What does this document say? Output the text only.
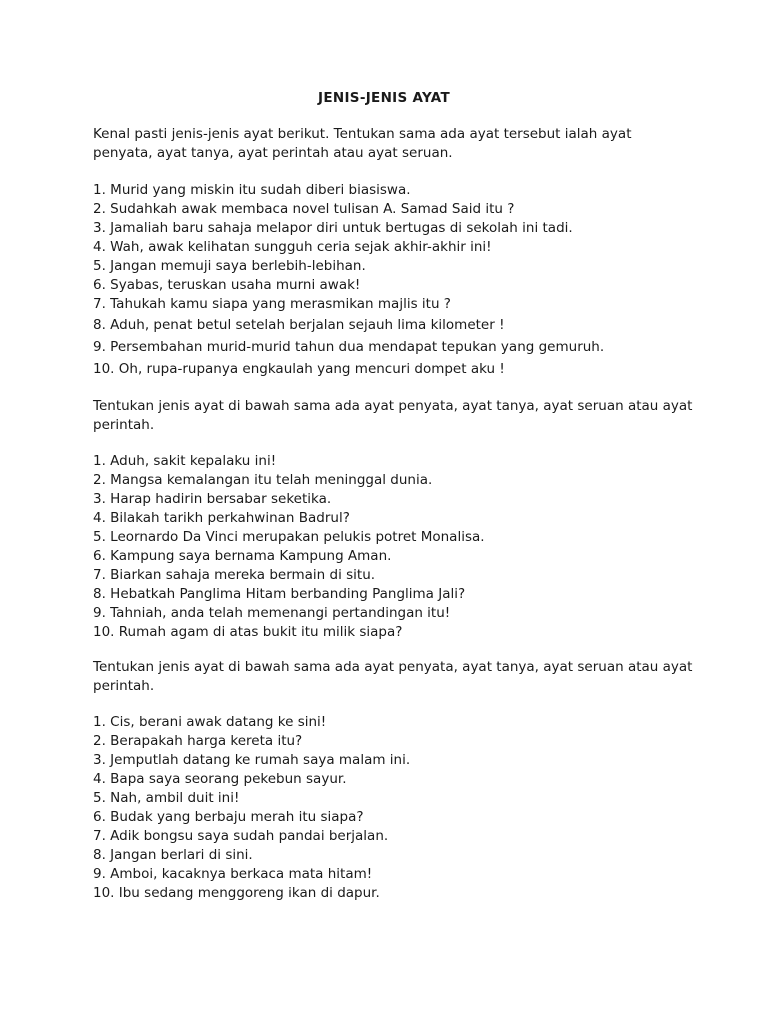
JENIS-JENIS AYAT

Kenal pasti jenis-jenis ayat berikut. Tentukan sama ada ayat tersebut ialah ayat penyata, ayat tanya, ayat perintah atau ayat seruan.

1. Murid yang miskin itu sudah diberi biasiswa.
2. Sudahkah awak membaca novel tulisan A. Samad Said itu ?
3. Jamaliah baru sahaja melapor diri untuk bertugas di sekolah ini tadi.
4. Wah, awak kelihatan sungguh ceria sejak akhir-akhir ini!
5. Jangan memuji saya berlebih-lebihan.
6. Syabas, teruskan usaha murni awak!
7. Tahukah kamu siapa yang merasmikan majlis itu ?
8. Aduh, penat betul setelah berjalan sejauh lima kilometer !
9. Persembahan murid-murid tahun dua mendapat tepukan yang gemuruh.
10. Oh, rupa-rupanya engkaulah yang mencuri dompet aku !

Tentukan jenis ayat di bawah sama ada ayat penyata, ayat tanya, ayat seruan atau ayat perintah.

1. Aduh, sakit kepalaku ini!
2. Mangsa kemalangan itu telah meninggal dunia.
3. Harap hadirin bersabar seketika.
4. Bilakah tarikh perkahwinan Badrul?
5. Leornardo Da Vinci merupakan pelukis potret Monalisa.
6. Kampung saya bernama Kampung Aman.
7. Biarkan sahaja mereka bermain di situ.
8. Hebatkah Panglima Hitam berbanding Panglima Jali?
9. Tahniah, anda telah memenangi pertandingan itu!
10. Rumah agam di atas bukit itu milik siapa?

Tentukan jenis ayat di bawah sama ada ayat penyata, ayat tanya, ayat seruan atau ayat perintah.

1. Cis, berani awak datang ke sini!
2. Berapakah harga kereta itu?
3. Jemputlah datang ke rumah saya malam ini.
4. Bapa saya seorang pekebun sayur.
5. Nah, ambil duit ini!
6. Budak yang berbaju merah itu siapa?
7. Adik bongsu saya sudah pandai berjalan.
8. Jangan berlari di sini.
9. Amboi, kacaknya berkaca mata hitam!
10. Ibu sedang menggoreng ikan di dapur.
